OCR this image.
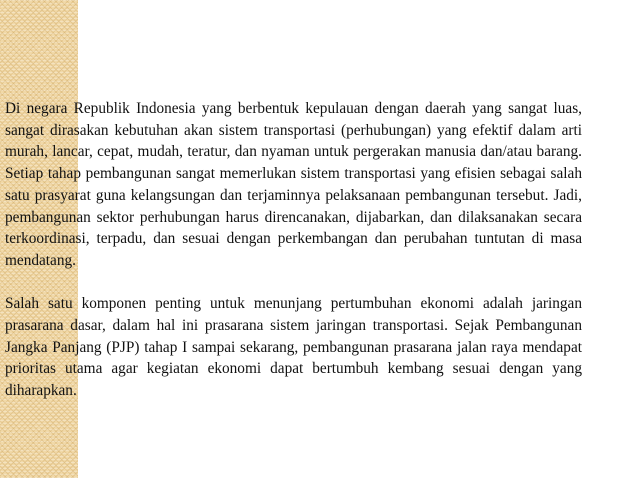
Di negara Republik Indonesia yang berbentuk kepulauan dengan daerah yang sangat luas, sangat dirasakan kebutuhan akan sistem transportasi (perhubungan) yang efektif dalam arti murah, lancar, cepat, mudah, teratur, dan nyaman untuk pergerakan manusia dan/atau barang. Setiap tahap pembangunan sangat memerlukan sistem transportasi yang efisien sebagai salah satu prasyarat guna kelangsungan dan terjaminnya pelaksanaan pembangunan tersebut. Jadi, pembangunan sektor perhubungan harus direncanakan, dijabarkan, dan dilaksanakan secara terkoordinasi, terpadu, dan sesuai dengan perkembangan dan perubahan tuntutan di masa mendatang.

Salah satu komponen penting untuk menunjang pertumbuhan ekonomi adalah jaringan prasarana dasar, dalam hal ini prasarana sistem jaringan transportasi. Sejak Pembangunan Jangka Panjang (PJP) tahap I sampai sekarang, pembangunan prasarana jalan raya mendapat prioritas utama agar kegiatan ekonomi dapat bertumbuh kembang sesuai dengan yang diharapkan.
